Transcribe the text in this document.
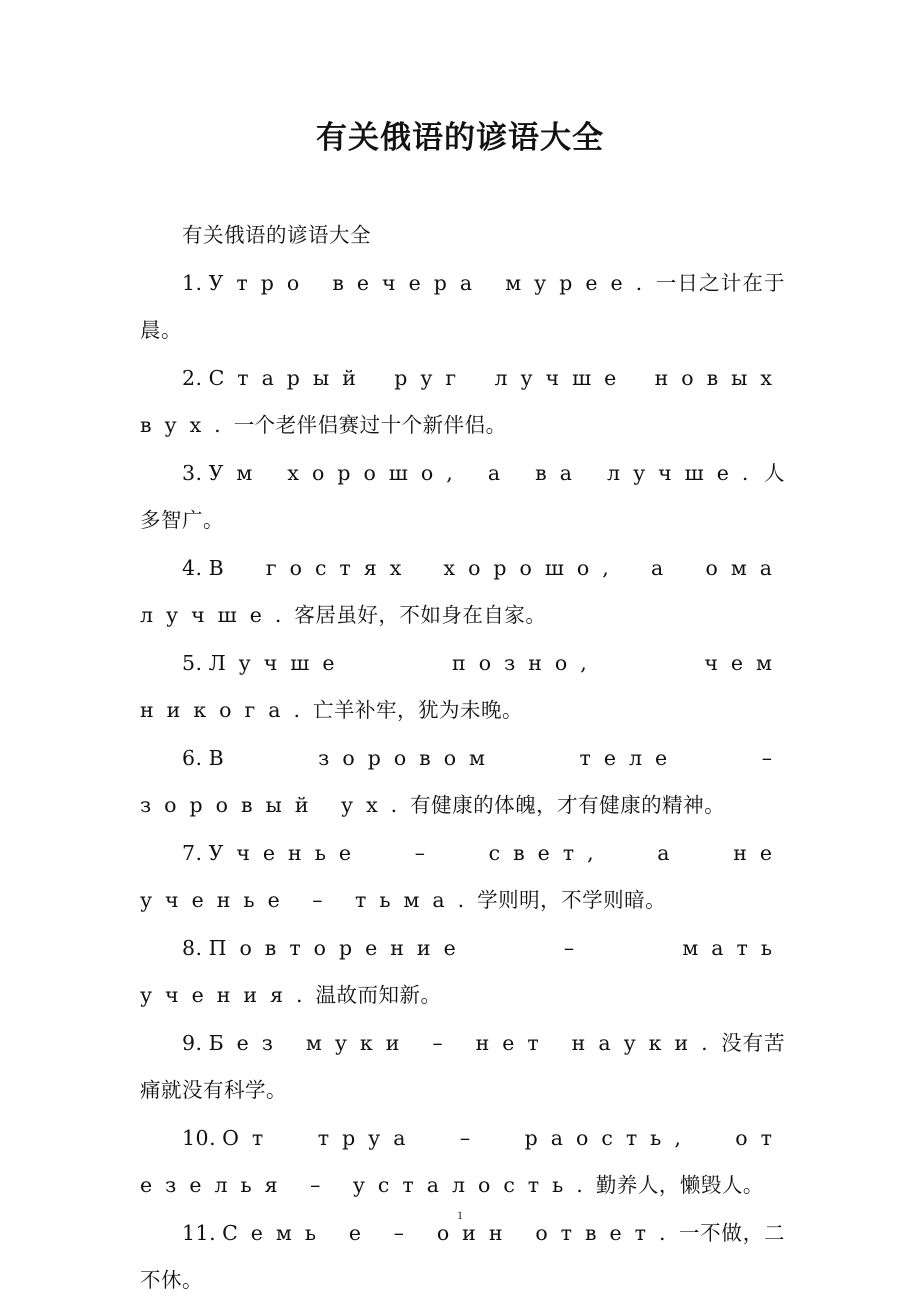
有关俄语的谚语大全

有关俄语的谚语大全

1. Утро вечера мурее.一日之计在于晨。

2. Старый руг лучше новых вух.一个老伴侣赛过十个新伴侣。

3. Ум хорошо, а ва лучше.人多智广。

4. В гостях хорошо, а ома лучше.客居虽好，不如身在自家。

5. Лучше позно, чем никога.亡羊补牢，犹为未晚。

6. В зоровом теле – зоровый ух.有健康的体魄，才有健康的精神。

7. Ученье – свет, а не ученье – тьма.学则明，不学则暗。

8. Повторение – мать учения.温故而知新。

9. Без муки – нет науки.没有苦痛就没有科学。

10. От труа – раость, от езелья – усталость.勤养人，懒毁人。

11. Семь е – оин ответ.一不做，二不休。

1
